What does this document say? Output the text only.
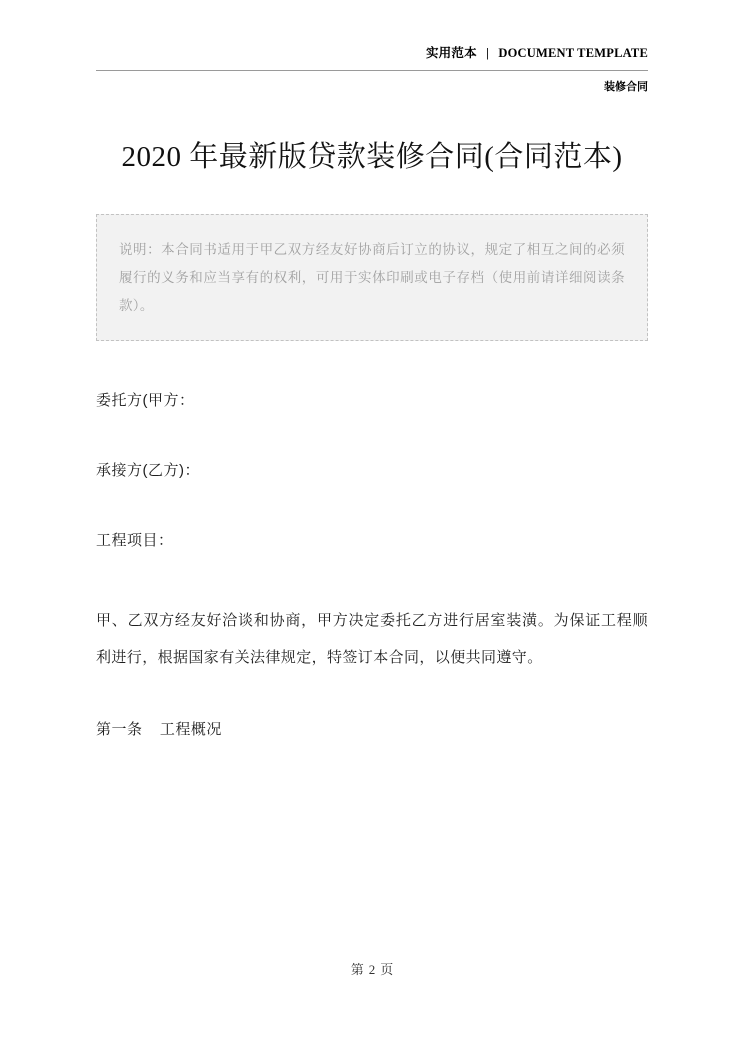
实用范本 | DOCUMENT TEMPLATE
装修合同
2020 年最新版贷款装修合同(合同范本)
说明：本合同书适用于甲乙双方经友好协商后订立的协议，规定了相互之间的必须履行的义务和应当享有的权利，可用于实体印刷或电子存档（使用前请详细阅读条款）。
委托方(甲方：
承接方(乙方)：
工程项目：
甲、乙双方经友好洽谈和协商，甲方决定委托乙方进行居室装潢。为保证工程顺利进行，根据国家有关法律规定，特签订本合同，以便共同遵守。
第一条 工程概况
第 2 页
